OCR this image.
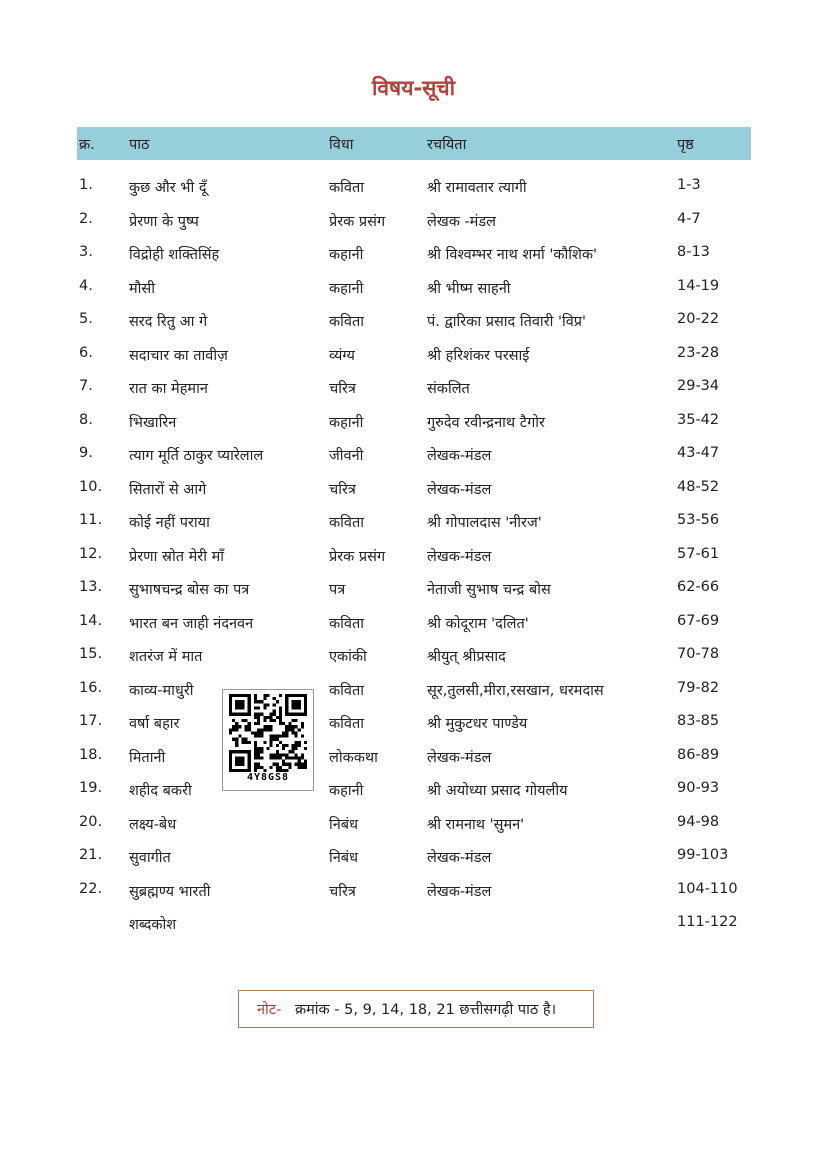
विषय-सूची
क्र. पाठ	विधा	रचयिता	पृष्ठ
1. कुछ और भी दूँ	कविता	श्री रामावतार त्यागी	1-3
2. प्रेरणा के पुष्प	प्रेरक प्रसंग	लेखक -मंडल	4-7
3. विद्रोही शक्तिसिंह	कहानी	श्री विश्वम्भर नाथ शर्मा 'कौशिक'	8-13
4. मौसी	कहानी	श्री भीष्म साहनी	14-19
5. सरद रितु आ गे	कविता	पं. द्वारिका प्रसाद तिवारी 'विप्र'	20-22
6. सदाचार का तावीज़	व्यंग्य	श्री हरिशंकर परसाई	23-28
7. रात का मेहमान	चरित्र	संकलित	29-34
8. भिखारिन	कहानी	गुरुदेव रवीन्द्रनाथ टैगोर	35-42
9. त्याग मूर्ति ठाकुर प्यारेलाल	जीवनी	लेखक-मंडल	43-47
10. सितारों से आगे	चरित्र	लेखक-मंडल	48-52
11. कोई नहीं पराया	कविता	श्री गोपालदास 'नीरज'	53-56
12. प्रेरणा स्रोत मेरी माँ	प्रेरक प्रसंग	लेखक-मंडल	57-61
13. सुभाषचन्द्र बोस का पत्र	पत्र	नेताजी सुभाष चन्द्र बोस	62-66
14. भारत बन जाही नंदनवन	कविता	श्री कोदूराम 'दलित'	67-69
15. शतरंज में मात	एकांकी	श्रीयुत् श्रीप्रसाद	70-78
16. काव्य-माधुरी	कविता	सूर,तुलसी,मीरा,रसखान, धरमदास	79-82
17. वर्षा बहार	कविता	श्री मुकुटधर पाण्डेय	83-85
18. मितानी	लोककथा	लेखक-मंडल	86-89
19. शहीद बकरी	कहानी	श्री अयोध्या प्रसाद गोयलीय	90-93
20. लक्ष्य-बेध	निबंध	श्री रामनाथ 'सुमन'	94-98
21. सुवागीत	निबंध	लेखक-मंडल	99-103
22. सुब्रह्मण्य भारती	चरित्र	लेखक-मंडल	104-110
शब्दकोश	111-122
4Y8GS8
नोट- क्रमांक - 5, 9, 14, 18, 21 छत्तीसगढ़ी पाठ है।
